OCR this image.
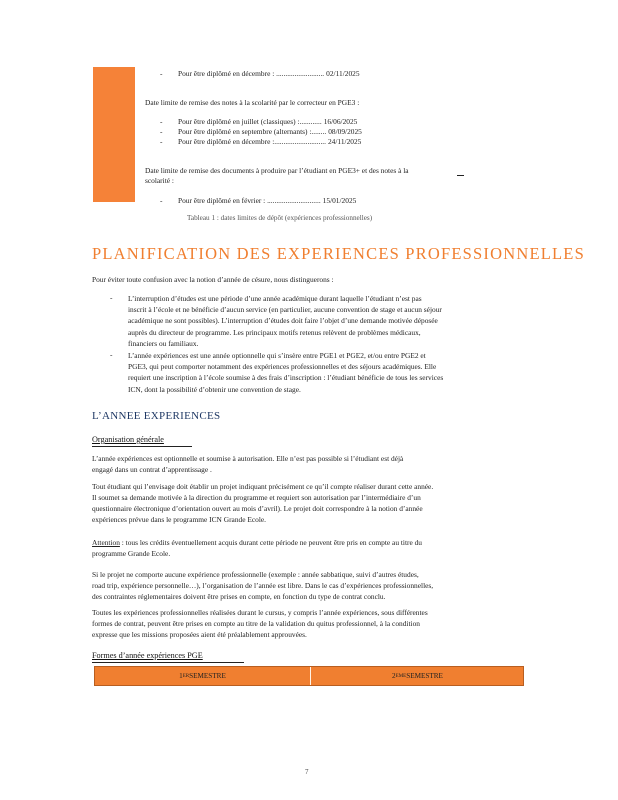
- Pour être diplômé en décembre : .......................... 02/11/2025
Date limite de remise des notes à la scolarité par le correcteur en PGE3 :
- Pour être diplômé en juillet (classiques) :............ 16/06/2025
- Pour être diplômé en septembre (alternants) :........ 08/09/2025
- Pour être diplômé en décembre :............................ 24/11/2025
Date limite de remise des documents à produire par l’étudiant en PGE3+ et des notes à la
scolarité :
- Pour être diplômé en février : ............................. 15/01/2025
Tableau 1 : dates limites de dépôt (expériences professionnelles)
PLANIFICATION DES EXPERIENCES PROFESSIONNELLES
Pour éviter toute confusion avec la notion d’année de césure, nous distinguerons :
- L’interruption d’études est une période d’une année académique durant laquelle l’étudiant n’est pas
inscrit à l’école et ne bénéficie d’aucun service (en particulier, aucune convention de stage et aucun séjour
académique ne sont possibles). L’interruption d’études doit faire l’objet d’une demande motivée déposée
auprès du directeur de programme. Les principaux motifs retenus relèvent de problèmes médicaux,
financiers ou familiaux.
- L’année expériences est une année optionnelle qui s’insère entre PGE1 et PGE2, et/ou entre PGE2 et
PGE3, qui peut comporter notamment des expériences professionnelles et des séjours académiques. Elle
requiert une inscription à l’école soumise à des frais d’inscription : l’étudiant bénéficie de tous les services
ICN, dont la possibilité d’obtenir une convention de stage.
L’ANNEE EXPERIENCES
Organisation générale
L’année expériences est optionnelle et soumise à autorisation. Elle n’est pas possible si l’étudiant est déjà
engagé dans un contrat d’apprentissage .
Tout étudiant qui l’envisage doit établir un projet indiquant précisément ce qu’il compte réaliser durant cette année.
Il soumet sa demande motivée à la direction du programme et requiert son autorisation par l’intermédiaire d’un
questionnaire électronique d’orientation ouvert au mois d’avril). Le projet doit correspondre à la notion d’année
expériences prévue dans le programme ICN Grande Ecole.
Attention : tous les crédits éventuellement acquis durant cette période ne peuvent être pris en compte au titre du
programme Grande Ecole.
Si le projet ne comporte aucune expérience professionnelle (exemple : année sabbatique, suivi d’autres études,
road trip, expérience personnelle…), l’organisation de l’année est libre. Dans le cas d’expériences professionnelles,
des contraintes réglementaires doivent être prises en compte, en fonction du type de contrat conclu.
Toutes les expériences professionnelles réalisées durant le cursus, y compris l’année expériences, sous différentes
formes de contrat, peuvent être prises en compte au titre de la validation du quitus professionnel, à la condition
expresse que les missions proposées aient été préalablement approuvées.
Formes d’année expériences PGE
1 ER SEMESTRE	2 EME SEMESTRE
7
